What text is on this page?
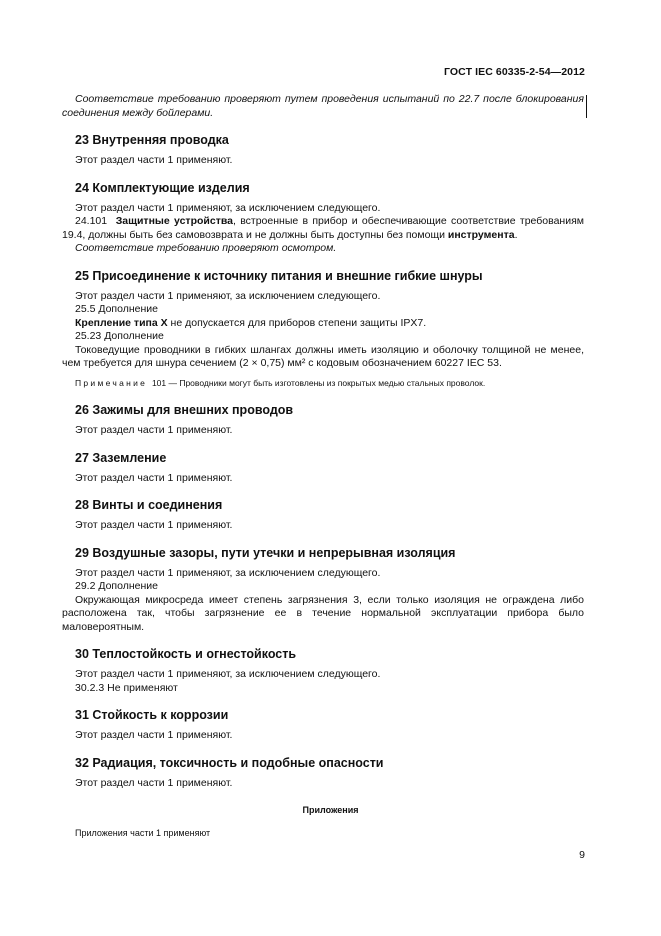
ГОСТ IEC 60335-2-54—2012

Соответствие требованию проверяют путем проведения испытаний по 22.7 после блокирования соединения между бойлерами.

23 Внутренняя проводка

Этот раздел части 1 применяют.

24 Комплектующие изделия

Этот раздел части 1 применяют, за исключением следующего.

24.101 Защитные устройства, встроенные в прибор и обеспечивающие соответствие требованиям 19.4, должны быть без самовозврата и не должны быть доступны без помощи инструмента.

Соответствие требованию проверяют осмотром.

25 Присоединение к источнику питания и внешние гибкие шнуры

Этот раздел части 1 применяют, за исключением следующего.

25.5 Дополнение

Крепление типа X не допускается для приборов степени защиты IPX7.

25.23 Дополнение

Токоведущие проводники в гибких шлангах должны иметь изоляцию и оболочку толщиной не менее, чем требуется для шнура сечением (2 × 0,75) мм² с кодовым обозначением 60227 IEC 53.

Примечание 101 — Проводники могут быть изготовлены из покрытых медью стальных проволок.

26 Зажимы для внешних проводов

Этот раздел части 1 применяют.

27 Заземление

Этот раздел части 1 применяют.

28 Винты и соединения

Этот раздел части 1 применяют.

29 Воздушные зазоры, пути утечки и непрерывная изоляция

Этот раздел части 1 применяют, за исключением следующего.

29.2 Дополнение

Окружающая микросреда имеет степень загрязнения 3, если только изоляция не ограждена либо расположена так, чтобы загрязнение ее в течение нормальной эксплуатации прибора было маловероятным.

30 Теплостойкость и огнестойкость

Этот раздел части 1 применяют, за исключением следующего.

30.2.3 Не применяют

31 Стойкость к коррозии

Этот раздел части 1 применяют.

32 Радиация, токсичность и подобные опасности

Этот раздел части 1 применяют.

Приложения
Приложения части 1 применяют
9
